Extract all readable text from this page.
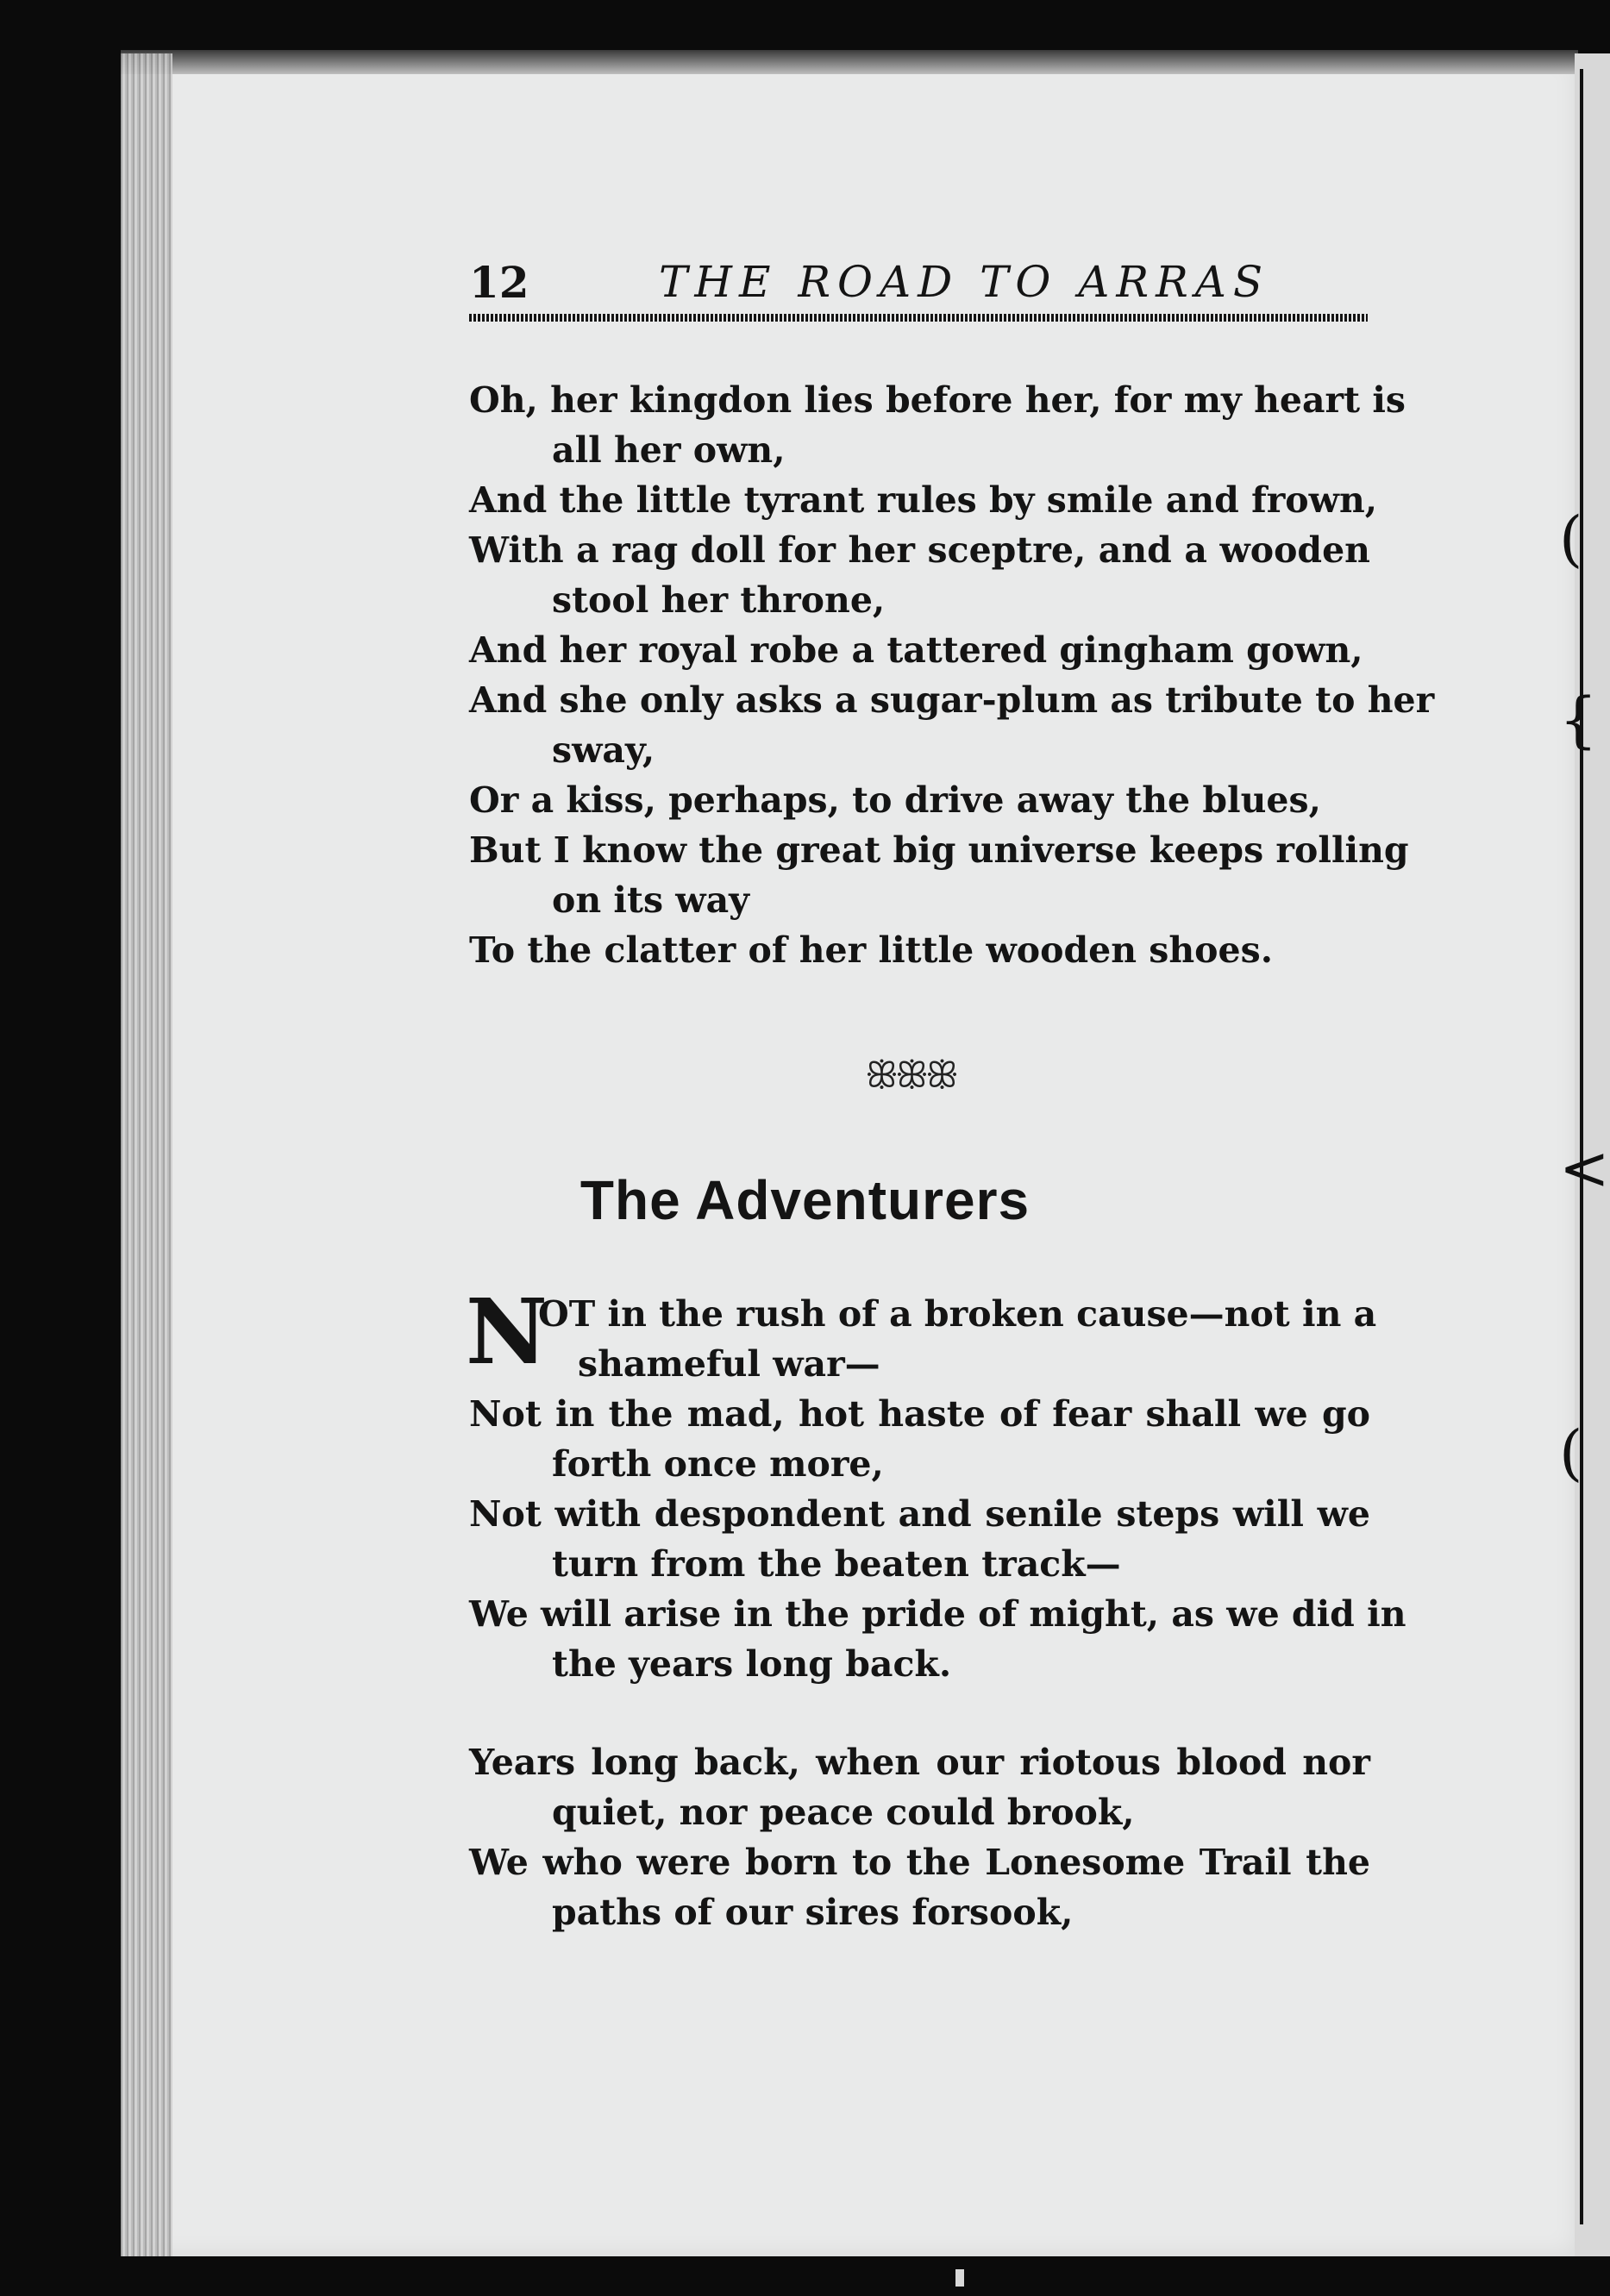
(
{
<
(
12	THE ROAD TO ARRAS
Oh, her kingdon lies before her, for my heart is
all her own,
And the little tyrant rules by smile and frown,
With a rag doll for her sceptre, and a wooden
stool her throne,
And her royal robe a tattered gingham gown,
And she only asks a sugar-plum as tribute to her
sway,
Or a kiss, perhaps, to drive away the blues,
But I know the great big universe keeps rolling
on its way
To the clatter of her little wooden shoes.
ꕥꕥꕥ
The Adventurers
N
OT in the rush of a broken cause—not in a
shameful war—
Not in the mad, hot haste of fear shall we go
forth once more,
Not with despondent and senile steps will we
turn from the beaten track—
We will arise in the pride of might, as we did in
the years long back.
Years long back, when our riotous blood nor
quiet, nor peace could brook,
We who were born to the Lonesome Trail the
paths of our sires forsook,
